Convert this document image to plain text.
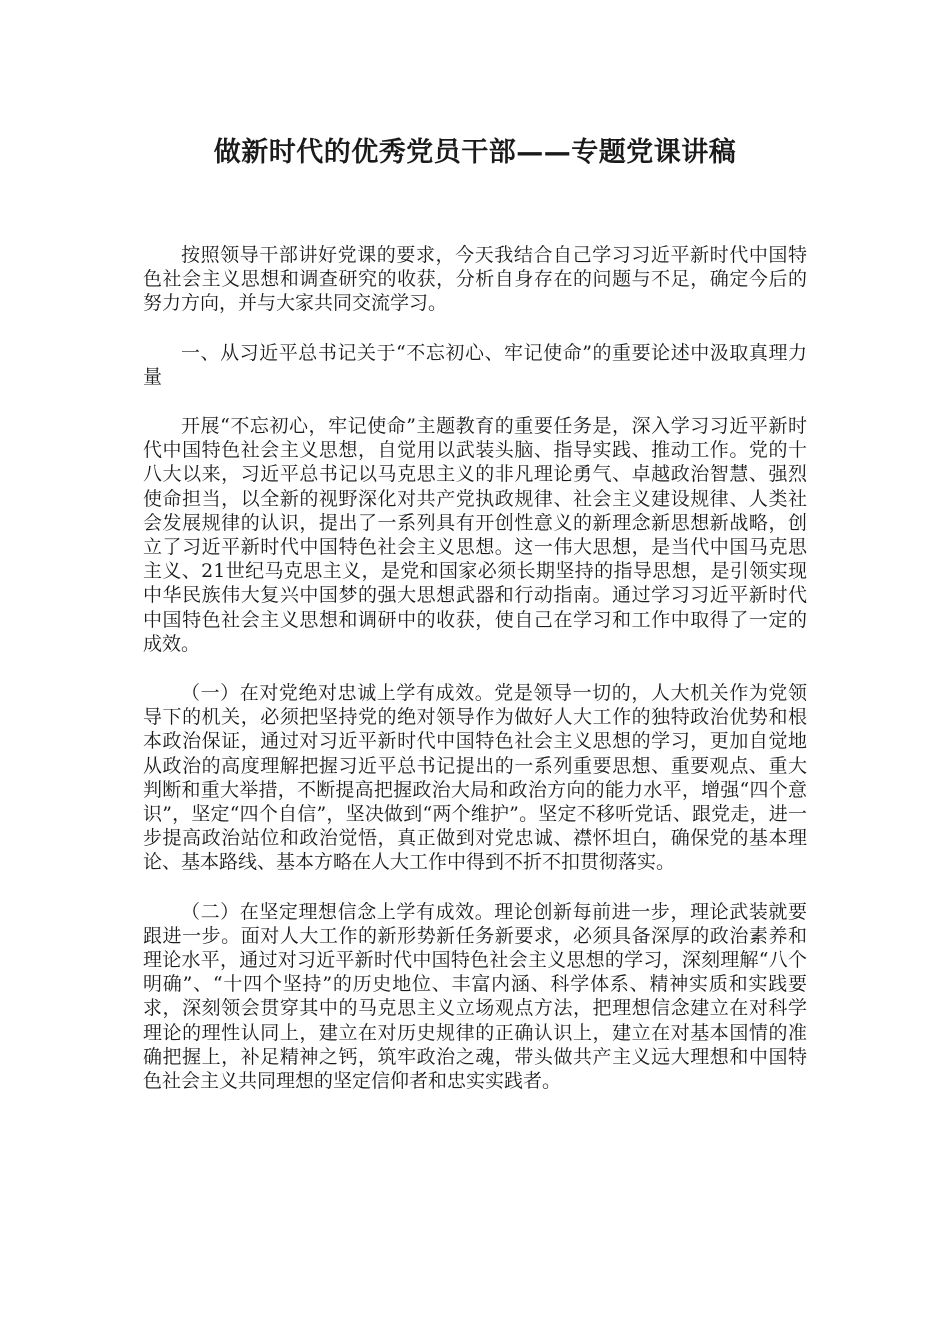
做新时代的优秀党员干部——专题党课讲稿

按照领导干部讲好党课的要求，今天我结合自己学习习近平新时代中国特色社会主义思想和调查研究的收获，分析自身存在的问题与不足，确定今后的努力方向，并与大家共同交流学习。

一、从习近平总书记关于“不忘初心、牢记使命”的重要论述中汲取真理力量

开展“不忘初心，牢记使命”主题教育的重要任务是，深入学习习近平新时代中国特色社会主义思想，自觉用以武装头脑、指导实践、推动工作。党的十八大以来，习近平总书记以马克思主义的非凡理论勇气、卓越政治智慧、强烈使命担当，以全新的视野深化对共产党执政规律、社会主义建设规律、人类社会发展规律的认识，提出了一系列具有开创性意义的新理念新思想新战略，创立了习近平新时代中国特色社会主义思想。这一伟大思想，是当代中国马克思主义、21世纪马克思主义，是党和国家必须长期坚持的指导思想，是引领实现中华民族伟大复兴中国梦的强大思想武器和行动指南。通过学习习近平新时代中国特色社会主义思想和调研中的收获，使自己在学习和工作中取得了一定的成效。

（一）在对党绝对忠诚上学有成效。党是领导一切的，人大机关作为党领导下的机关，必须把坚持党的绝对领导作为做好人大工作的独特政治优势和根本政治保证，通过对习近平新时代中国特色社会主义思想的学习，更加自觉地从政治的高度理解把握习近平总书记提出的一系列重要思想、重要观点、重大判断和重大举措，不断提高把握政治大局和政治方向的能力水平，增强“四个意识”，坚定“四个自信”，坚决做到“两个维护”。坚定不移听党话、跟党走，进一步提高政治站位和政治觉悟，真正做到对党忠诚、襟怀坦白，确保党的基本理论、基本路线、基本方略在人大工作中得到不折不扣贯彻落实。

（二）在坚定理想信念上学有成效。理论创新每前进一步，理论武装就要跟进一步。面对人大工作的新形势新任务新要求，必须具备深厚的政治素养和理论水平，通过对习近平新时代中国特色社会主义思想的学习，深刻理解“八个明确”、“十四个坚持”的历史地位、丰富内涵、科学体系、精神实质和实践要求，深刻领会贯穿其中的马克思主义立场观点方法，把理想信念建立在对科学理论的理性认同上，建立在对历史规律的正确认识上，建立在对基本国情的准确把握上，补足精神之钙，筑牢政治之魂，带头做共产主义远大理想和中国特色社会主义共同理想的坚定信仰者和忠实实践者。
